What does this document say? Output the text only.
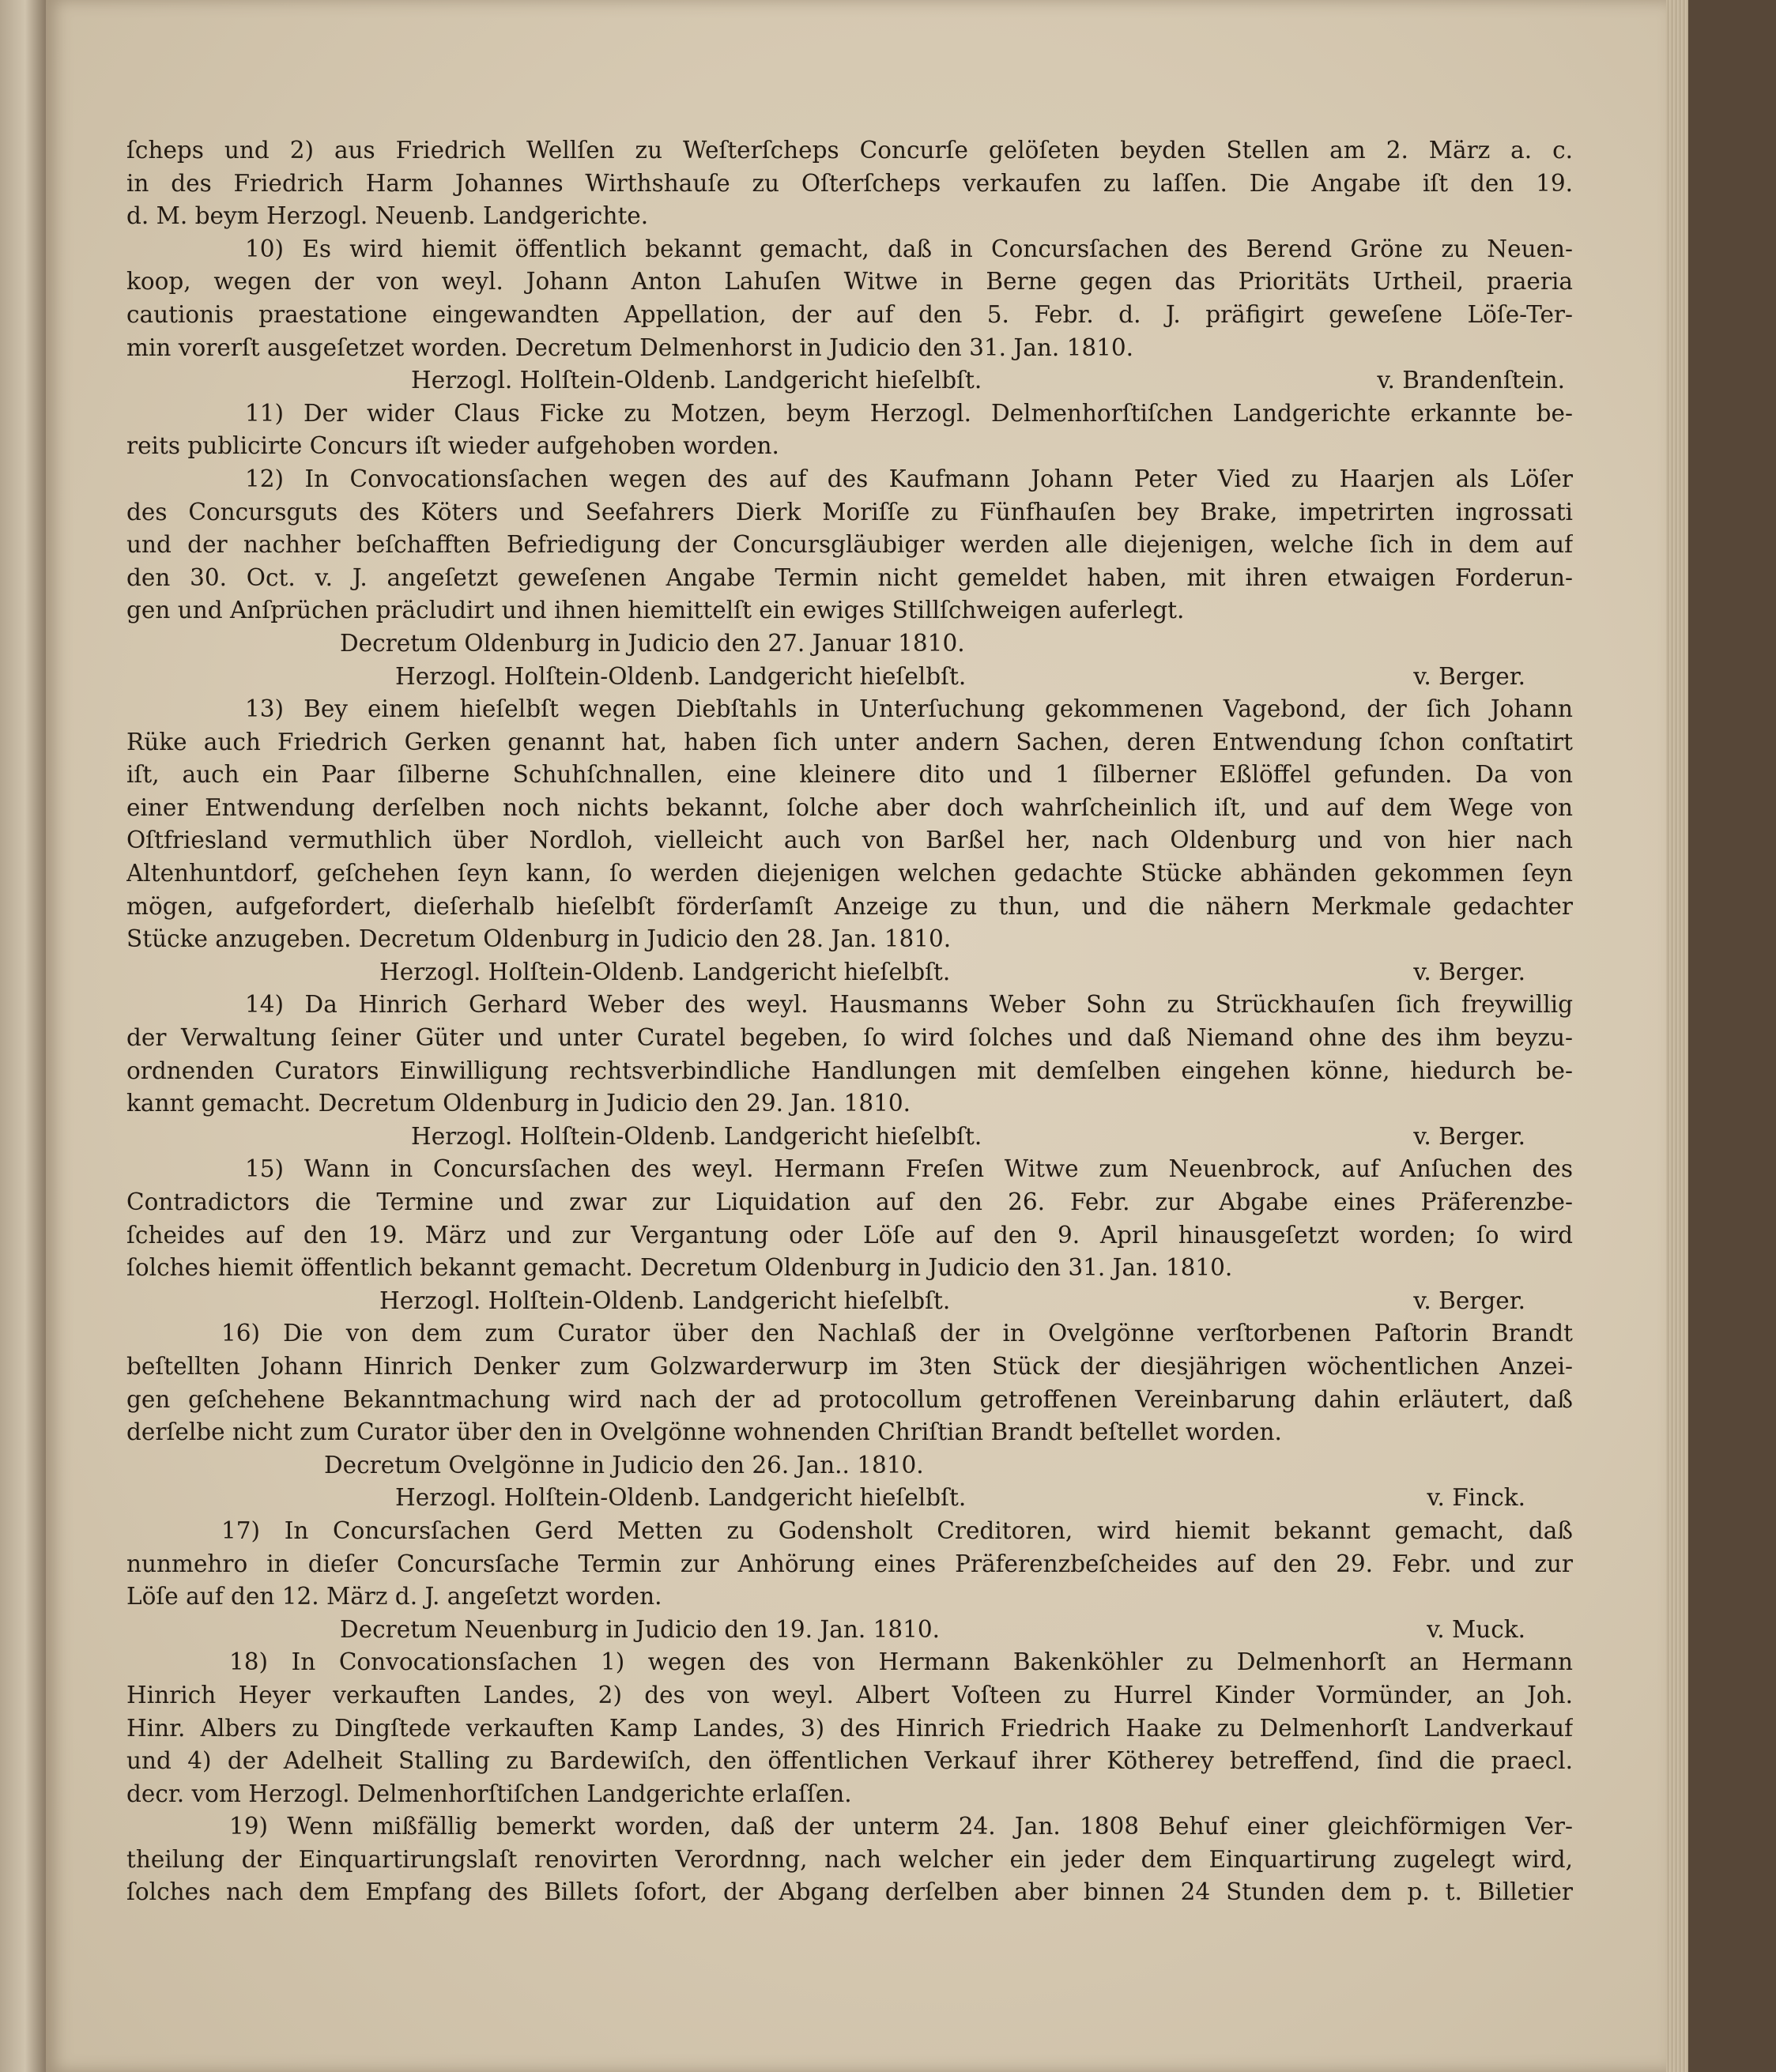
ſcheps und 2) aus Friedrich Wellſen zu Weſterſcheps Concurſe gelöſeten beyden Stellen am 2. März a. c.
in des Friedrich Harm Johannes Wirthshauſe zu Oſterſcheps verkaufen zu laſſen. Die Angabe iſt den 19.
d. M. beym Herzogl. Neuenb. Landgerichte.
10) Es wird hiemit öffentlich bekannt gemacht, daß in Concursſachen des Berend Gröne zu Neuen-
koop, wegen der von weyl. Johann Anton Lahuſen Witwe in Berne gegen das Prioritäts Urtheil, praeria
cautionis praestatione eingewandten Appellation, der auf den 5. Febr. d. J. präfigirt geweſene Löſe-Ter-
min vorerſt ausgeſetzet worden. Decretum Delmenhorst in Judicio den 31. Jan. 1810.
Herzogl. Holſtein-Oldenb. Landgericht hieſelbſt.	v. Brandenſtein.
11) Der wider Claus Ficke zu Motzen, beym Herzogl. Delmenhorſtiſchen Landgerichte erkannte be-
reits publicirte Concurs iſt wieder aufgehoben worden.
12) In Convocationsſachen wegen des auf des Kaufmann Johann Peter Vied zu Haarjen als Löſer
des Concursguts des Köters und Seefahrers Dierk Moriſſe zu Fünfhauſen bey Brake, impetrirten ingrossati
und der nachher beſchafften Befriedigung der Concursgläubiger werden alle diejenigen, welche ſich in dem auf
den 30. Oct. v. J. angeſetzt geweſenen Angabe Termin nicht gemeldet haben, mit ihren etwaigen Forderun-
gen und Anſprüchen präcludirt und ihnen hiemittelſt ein ewiges Stillſchweigen auferlegt.
Decretum Oldenburg in Judicio den 27. Januar 1810.
Herzogl. Holſtein-Oldenb. Landgericht hieſelbſt.	v. Berger.
13) Bey einem hieſelbſt wegen Diebſtahls in Unterſuchung gekommenen Vagebond, der ſich Johann
Rüke auch Friedrich Gerken genannt hat, haben ſich unter andern Sachen, deren Entwendung ſchon conſtatirt
iſt, auch ein Paar ſilberne Schuhſchnallen, eine kleinere dito und 1 ſilberner Eßlöffel gefunden. Da von
einer Entwendung derſelben noch nichts bekannt, ſolche aber doch wahrſcheinlich iſt, und auf dem Wege von
Oſtfriesland vermuthlich über Nordloh, vielleicht auch von Barßel her, nach Oldenburg und von hier nach
Altenhuntdorf, geſchehen ſeyn kann, ſo werden diejenigen welchen gedachte Stücke abhänden gekommen ſeyn
mögen, aufgefordert, dieſerhalb hieſelbſt förderſamſt Anzeige zu thun, und die nähern Merkmale gedachter
Stücke anzugeben. Decretum Oldenburg in Judicio den 28. Jan. 1810.
Herzogl. Holſtein-Oldenb. Landgericht hieſelbſt.	v. Berger.
14) Da Hinrich Gerhard Weber des weyl. Hausmanns Weber Sohn zu Strückhauſen ſich freywillig
der Verwaltung ſeiner Güter und unter Curatel begeben, ſo wird ſolches und daß Niemand ohne des ihm beyzu-
ordnenden Curators Einwilligung rechtsverbindliche Handlungen mit demſelben eingehen könne, hiedurch be-
kannt gemacht. Decretum Oldenburg in Judicio den 29. Jan. 1810.
Herzogl. Holſtein-Oldenb. Landgericht hieſelbſt.	v. Berger.
15) Wann in Concursſachen des weyl. Hermann Freſen Witwe zum Neuenbrock, auf Anſuchen des
Contradictors die Termine und zwar zur Liquidation auf den 26. Febr. zur Abgabe eines Präferenzbe-
ſcheides auf den 19. März und zur Vergantung oder Löſe auf den 9. April hinausgeſetzt worden; ſo wird
ſolches hiemit öffentlich bekannt gemacht. Decretum Oldenburg in Judicio den 31. Jan. 1810.
Herzogl. Holſtein-Oldenb. Landgericht hieſelbſt.	v. Berger.
16) Die von dem zum Curator über den Nachlaß der in Ovelgönne verſtorbenen Paſtorin Brandt
beſtellten Johann Hinrich Denker zum Golzwarderwurp im 3ten Stück der diesjährigen wöchentlichen Anzei-
gen geſchehene Bekanntmachung wird nach der ad protocollum getroffenen Vereinbarung dahin erläutert, daß
derſelbe nicht zum Curator über den in Ovelgönne wohnenden Chriſtian Brandt beſtellet worden.
Decretum Ovelgönne in Judicio den 26. Jan.. 1810.
Herzogl. Holſtein-Oldenb. Landgericht hieſelbſt.	v. Finck.
17) In Concursſachen Gerd Metten zu Godensholt Creditoren, wird hiemit bekannt gemacht, daß
nunmehro in dieſer Concursſache Termin zur Anhörung eines Präferenzbeſcheides auf den 29. Febr. und zur
Löſe auf den 12. März d. J. angeſetzt worden.
Decretum Neuenburg in Judicio den 19. Jan. 1810.	v. Muck.
18) In Convocationsſachen 1) wegen des von Hermann Bakenköhler zu Delmenhorſt an Hermann
Hinrich Heyer verkauften Landes, 2) des von weyl. Albert Voſteen zu Hurrel Kinder Vormünder, an Joh.
Hinr. Albers zu Dingſtede verkauften Kamp Landes, 3) des Hinrich Friedrich Haake zu Delmenhorſt Landverkauf
und 4) der Adelheit Stalling zu Bardewiſch, den öffentlichen Verkauf ihrer Kötherey betreffend, ſind die praecl.
decr. vom Herzogl. Delmenhorſtiſchen Landgerichte erlaſſen.
19) Wenn mißfällig bemerkt worden, daß der unterm 24. Jan. 1808 Behuf einer gleichförmigen Ver-
theilung der Einquartirungslaſt renovirten Verordnng, nach welcher ein jeder dem Einquartirung zugelegt wird,
ſolches nach dem Empfang des Billets ſofort, der Abgang derſelben aber binnen 24 Stunden dem p. t. Billetier
